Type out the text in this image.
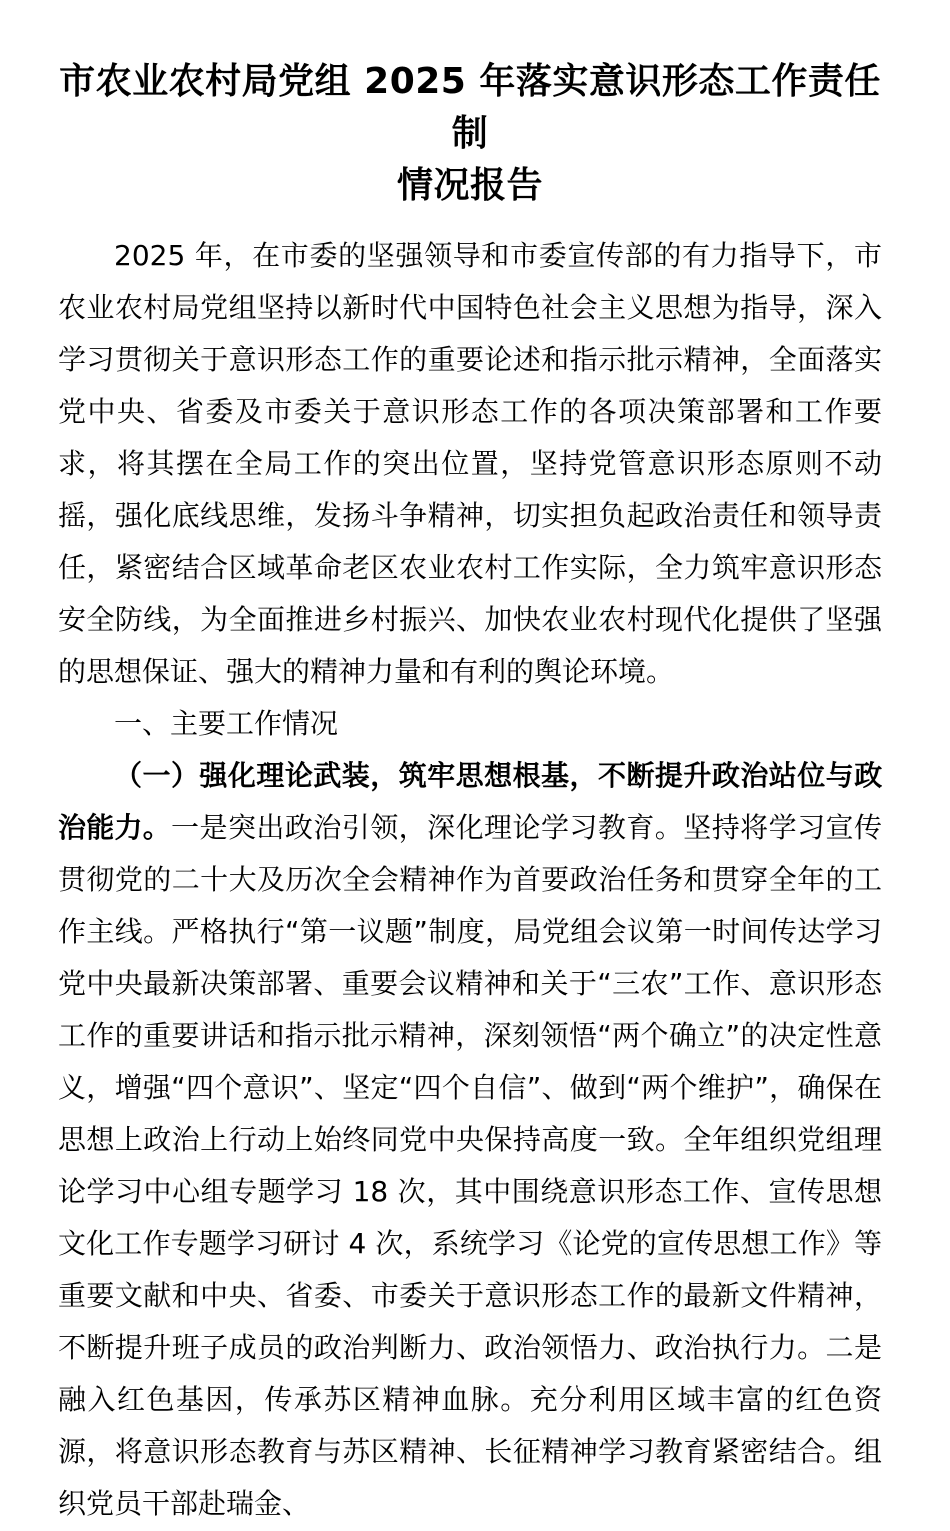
市农业农村局党组 2025 年落实意识形态工作责任制
情况报告

2025 年，在市委的坚强领导和市委宣传部的有力指导下，市农业农村局党组坚持以新时代中国特色社会主义思想为指导，深入学习贯彻关于意识形态工作的重要论述和指示批示精神，全面落实党中央、省委及市委关于意识形态工作的各项决策部署和工作要求，将其摆在全局工作的突出位置，坚持党管意识形态原则不动摇，强化底线思维，发扬斗争精神，切实担负起政治责任和领导责任，紧密结合区域革命老区农业农村工作实际，全力筑牢意识形态安全防线，为全面推进乡村振兴、加快农业农村现代化提供了坚强的思想保证、强大的精神力量和有利的舆论环境。

一、主要工作情况

（一）强化理论武装，筑牢思想根基，不断提升政治站位与政治能力。一是突出政治引领，深化理论学习教育。坚持将学习宣传贯彻党的二十大及历次全会精神作为首要政治任务和贯穿全年的工作主线。严格执行“第一议题”制度，局党组会议第一时间传达学习党中央最新决策部署、重要会议精神和关于“三农”工作、意识形态工作的重要讲话和指示批示精神，深刻领悟“两个确立”的决定性意义，增强“四个意识”、坚定“四个自信”、做到“两个维护”，确保在思想上政治上行动上始终同党中央保持高度一致。全年组织党组理论学习中心组专题学习 18 次，其中围绕意识形态工作、宣传思想文化工作专题学习研讨 4 次，系统学习《论党的宣传思想工作》等重要文献和中央、省委、市委关于意识形态工作的最新文件精神，不断提升班子成员的政治判断力、政治领悟力、政治执行力。二是融入红色基因，传承苏区精神血脉。充分利用区域丰富的红色资源，将意识形态教育与苏区精神、长征精神学习教育紧密结合。组织党员干部赴瑞金、
